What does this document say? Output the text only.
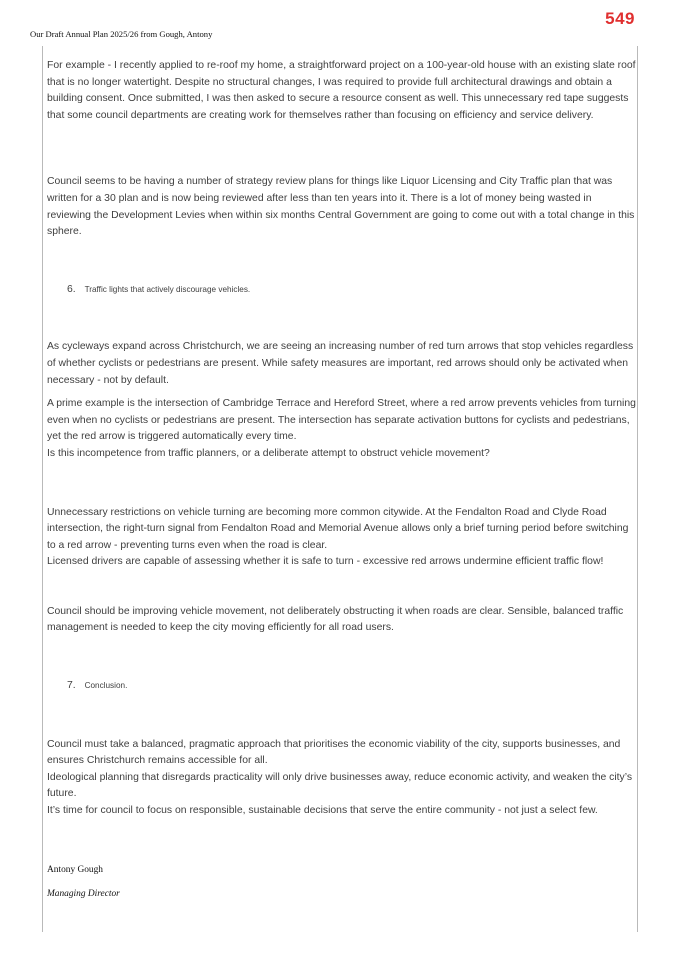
549
Our Draft Annual Plan 2025/26 from Gough, Antony

For example - I recently applied to re-roof my home, a straightforward project on a 100-year-old house with an existing slate roof that is no longer watertight. Despite no structural changes, I was required to provide full architectural drawings and obtain a building consent. Once submitted, I was then asked to secure a resource consent as well. This unnecessary red tape suggests that some council departments are creating work for themselves rather than focusing on efficiency and service delivery.

Council seems to be having a number of strategy review plans for things like Liquor Licensing and City Traffic plan that was written for a 30 plan and is now being reviewed after less than ten years into it. There is a lot of money being wasted in reviewing the Development Levies when within six months Central Government are going to come out with a total change in this sphere.

6. Traffic lights that actively discourage vehicles.

As cycleways expand across Christchurch, we are seeing an increasing number of red turn arrows that stop vehicles regardless of whether cyclists or pedestrians are present. While safety measures are important, red arrows should only be activated when necessary - not by default.

A prime example is the intersection of Cambridge Terrace and Hereford Street, where a red arrow prevents vehicles from turning even when no cyclists or pedestrians are present. The intersection has separate activation buttons for cyclists and pedestrians, yet the red arrow is triggered automatically every time.

Is this incompetence from traffic planners, or a deliberate attempt to obstruct vehicle movement?

Unnecessary restrictions on vehicle turning are becoming more common citywide. At the Fendalton Road and Clyde Road intersection, the right-turn signal from Fendalton Road and Memorial Avenue allows only a brief turning period before switching to a red arrow - preventing turns even when the road is clear.

Licensed drivers are capable of assessing whether it is safe to turn - excessive red arrows undermine efficient traffic flow!

Council should be improving vehicle movement, not deliberately obstructing it when roads are clear. Sensible, balanced traffic management is needed to keep the city moving efficiently for all road users.

7. Conclusion.

Council must take a balanced, pragmatic approach that prioritises the economic viability of the city, supports businesses, and ensures Christchurch remains accessible for all.

Ideological planning that disregards practicality will only drive businesses away, reduce economic activity, and weaken the city’s future.

It’s time for council to focus on responsible, sustainable decisions that serve the entire community - not just a select few.

Antony Gough
Managing Director
